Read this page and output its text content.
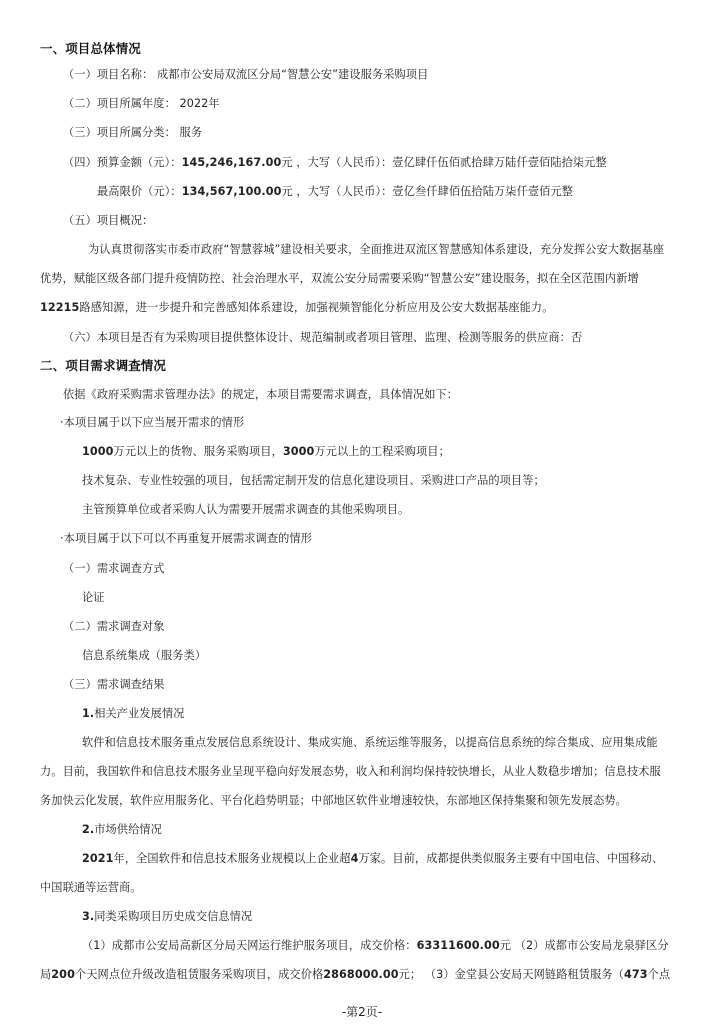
一、项目总体情况
（一）项目名称： 成都市公安局双流区分局“智慧公安”建设服务采购项目
（二）项目所属年度： 2022年
（三）项目所属分类： 服务
（四）预算金额（元）：145,246,167.00元 ，大写（人民币）：壹亿肆仟伍佰贰拾肆万陆仟壹佰陆拾柒元整
最高限价（元）：134,567,100.00元 ，大写（人民币）：壹亿叁仟肆佰伍拾陆万柒仟壹佰元整
（五）项目概况：
为认真贯彻落实市委市政府“智慧蓉城”建设相关要求，全面推进双流区智慧感知体系建设，充分发挥公安大数据基座
优势，赋能区级各部门提升疫情防控、社会治理水平，双流公安分局需要采购“智慧公安”建设服务，拟在全区范围内新增
12215路感知源，进一步提升和完善感知体系建设，加强视频智能化分析应用及公安大数据基座能力。
（六）本项目是否有为采购项目提供整体设计、规范编制或者项目管理、监理、检测等服务的供应商：否
二、项目需求调查情况
依据《政府采购需求管理办法》的规定，本项目需要需求调查，具体情况如下：
·本项目属于以下应当展开需求的情形
1000万元以上的货物、服务采购项目，3000万元以上的工程采购项目；
技术复杂、专业性较强的项目，包括需定制开发的信息化建设项目、采购进口产品的项目等；
主管预算单位或者采购人认为需要开展需求调查的其他采购项目。
·本项目属于以下可以不再重复开展需求调查的情形
（一）需求调查方式
论证
（二）需求调查对象
信息系统集成（服务类）
（三）需求调查结果
1.相关产业发展情况
软件和信息技术服务重点发展信息系统设计、集成实施、系统运维等服务，以提高信息系统的综合集成、应用集成能
力。目前，我国软件和信息技术服务业呈现平稳向好发展态势，收入和利润均保持较快增长，从业人数稳步增加；信息技术服
务加快云化发展，软件应用服务化、平台化趋势明显；中部地区软件业增速较快，东部地区保持集聚和领先发展态势。
2.市场供给情况
2021年，全国软件和信息技术服务业规模以上企业超4万家。目前，成都提供类似服务主要有中国电信、中国移动、
中国联通等运营商。
3.同类采购项目历史成交信息情况
（1）成都市公安局高新区分局天网运行维护服务项目，成交价格：63311600.00元 （2）成都市公安局龙泉驿区分
局200个天网点位升级改造租赁服务采购项目，成交价格2868000.00元； （3）金堂县公安局天网链路租赁服务（473个点
-第2页-
